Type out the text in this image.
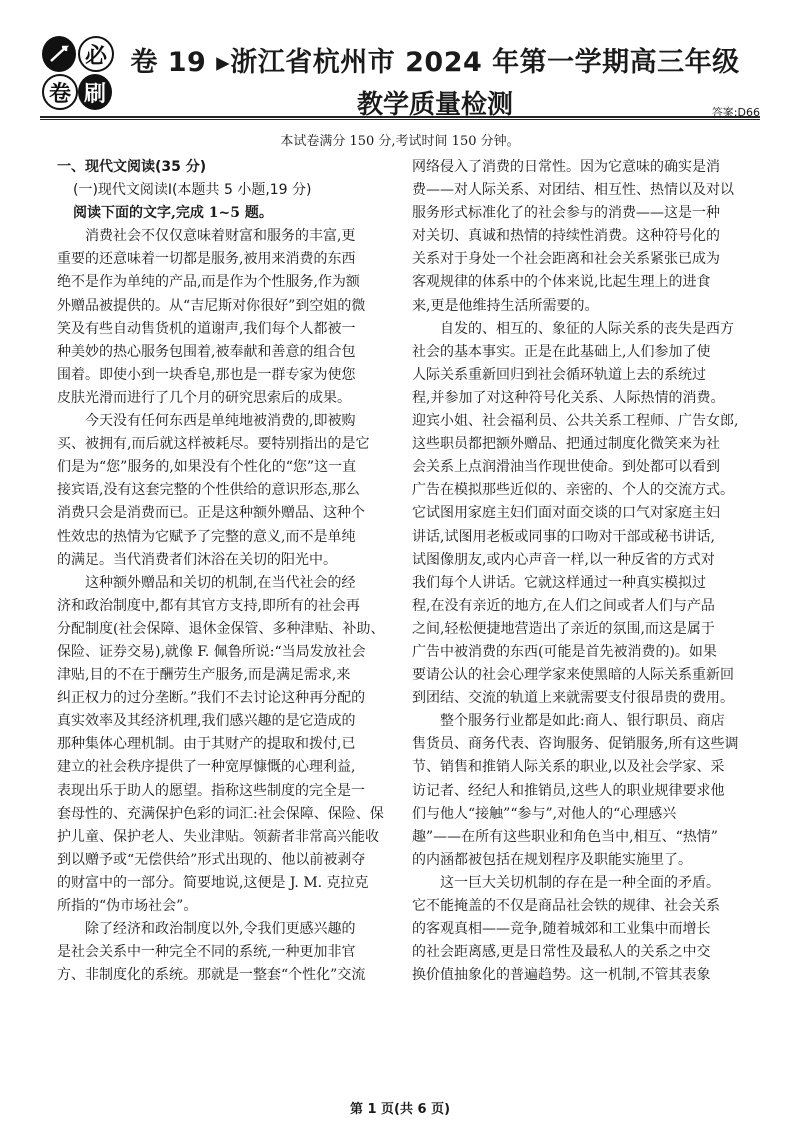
必
卷 刷
卷 19 ▸浙江省杭州市 2024 年第一学期高三年级
教学质量检测	答案:D66
本试卷满分 150 分,考试时间 150 分钟。
一、现代文阅读(35 分)
(一)现代文阅读Ⅰ(本题共 5 小题,19 分)
阅读下面的文字,完成 1~5 题。
消费社会不仅仅意味着财富和服务的丰富,更
重要的还意味着一切都是服务,被用来消费的东西
绝不是作为单纯的产品,而是作为个性服务,作为额
外赠品被提供的。从“吉尼斯对你很好”到空姐的微
笑及有些自动售货机的道谢声,我们每个人都被一
种美妙的热心服务包围着,被奉献和善意的组合包
围着。即使小到一块香皂,那也是一群专家为使您
皮肤光滑而进行了几个月的研究思索后的成果。
今天没有任何东西是单纯地被消费的,即被购
买、被拥有,而后就这样被耗尽。要特别指出的是它
们是为“您”服务的,如果没有个性化的“您”这一直
接宾语,没有这套完整的个性供给的意识形态,那么
消费只会是消费而已。正是这种额外赠品、这种个
性效忠的热情为它赋予了完整的意义,而不是单纯
的满足。当代消费者们沐浴在关切的阳光中。
这种额外赠品和关切的机制,在当代社会的经
济和政治制度中,都有其官方支持,即所有的社会再
分配制度(社会保障、退休金保管、多种津贴、补助、
保险、证券交易),就像 F. 佩鲁所说:“当局发放社会
津贴,目的不在于酬劳生产服务,而是满足需求,来
纠正权力的过分垄断。”我们不去讨论这种再分配的
真实效率及其经济机理,我们感兴趣的是它造成的
那种集体心理机制。由于其财产的提取和拨付,已
建立的社会秩序提供了一种宽厚慷慨的心理利益,
表现出乐于助人的愿望。指称这些制度的完全是一
套母性的、充满保护色彩的词汇:社会保障、保险、保
护儿童、保护老人、失业津贴。领薪者非常高兴能收
到以赠予或“无偿供给”形式出现的、他以前被剥夺
的财富中的一部分。简要地说,这便是 J. M. 克拉克
所指的“伪市场社会”。
除了经济和政治制度以外,令我们更感兴趣的
是社会关系中一种完全不同的系统,一种更加非官
方、非制度化的系统。那就是一整套“个性化”交流
网络侵入了消费的日常性。因为它意味的确实是消
费——对人际关系、对团结、相互性、热情以及对以
服务形式标准化了的社会参与的消费——这是一种
对关切、真诚和热情的持续性消费。这种符号化的
关系对于身处一个社会距离和社会关系紧张已成为
客观规律的体系中的个体来说,比起生理上的进食
来,更是他维持生活所需要的。
自发的、相互的、象征的人际关系的丧失是西方
社会的基本事实。正是在此基础上,人们参加了使
人际关系重新回归到社会循环轨道上去的系统过
程,并参加了对这种符号化关系、人际热情的消费。
迎宾小姐、社会福利员、公共关系工程师、广告女郎,
这些职员都把额外赠品、把通过制度化微笑来为社
会关系上点润滑油当作现世使命。到处都可以看到
广告在模拟那些近似的、亲密的、个人的交流方式。
它试图用家庭主妇们面对面交谈的口气对家庭主妇
讲话,试图用老板或同事的口吻对干部或秘书讲话,
试图像朋友,或内心声音一样,以一种反省的方式对
我们每个人讲话。它就这样通过一种真实模拟过
程,在没有亲近的地方,在人们之间或者人们与产品
之间,轻松便捷地营造出了亲近的氛围,而这是属于
广告中被消费的东西(可能是首先被消费的)。如果
要请公认的社会心理学家来使黑暗的人际关系重新回
到团结、交流的轨道上来就需要支付很昂贵的费用。
整个服务行业都是如此:商人、银行职员、商店
售货员、商务代表、咨询服务、促销服务,所有这些调
节、销售和推销人际关系的职业,以及社会学家、采
访记者、经纪人和推销员,这些人的职业规律要求他
们与他人“接触”“参与”,对他人的“心理感兴
趣”——在所有这些职业和角色当中,相互、“热情”
的内涵都被包括在规划程序及职能实施里了。
这一巨大关切机制的存在是一种全面的矛盾。
它不能掩盖的不仅是商品社会铁的规律、社会关系
的客观真相——竞争,随着城郊和工业集中而增长
的社会距离感,更是日常性及最私人的关系之中交
换价值抽象化的普遍趋势。这一机制,不管其表象
第 1 页(共 6 页)
